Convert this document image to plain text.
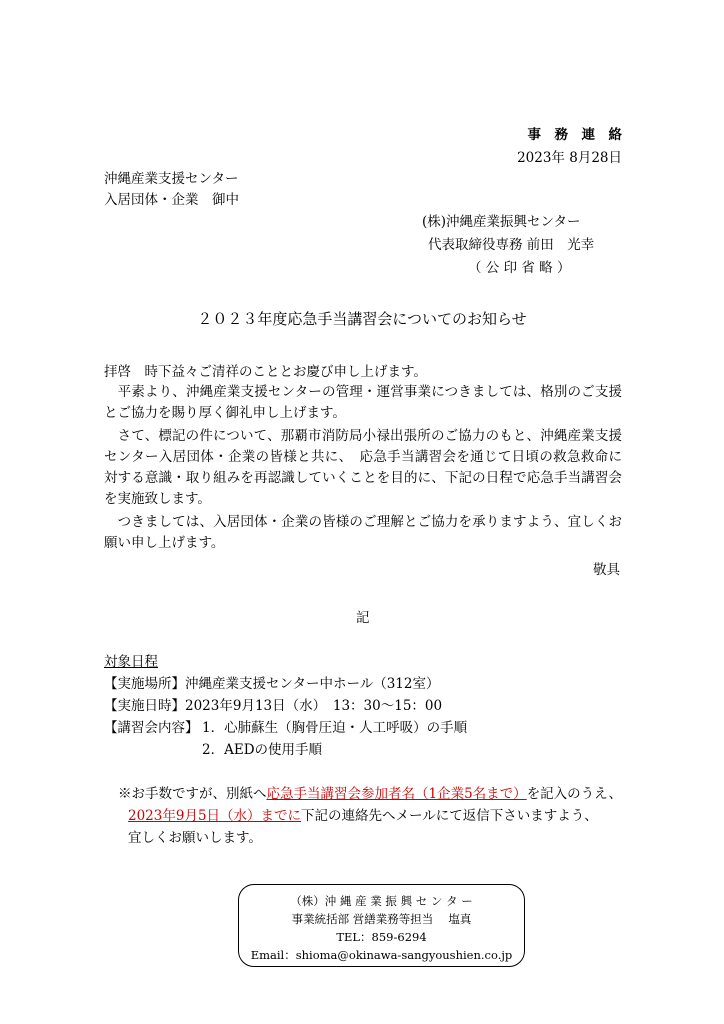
事　務　連　絡
2023年 8月28日
沖縄産業支援センター
入居団体・企業　御中
(株)沖縄産業振興センター
代表取締役専務 前田　光幸
（ 公 印 省 略 ）
２０２３年度応急手当講習会についてのお知らせ
拝啓　時下益々ご清祥のこととお慶び申し上げます。
平素より、沖縄産業支援センターの管理・運営事業につきましては、格別のご支援とご協力を賜り厚く御礼申し上げます。
さて、標記の件について、那覇市消防局小禄出張所のご協力のもと、沖縄産業支援センター入居団体・企業の皆様と共に、　応急手当講習会を通じて日頃の救急救命に対する意識・取り組みを再認識していくことを目的に、下記の日程で応急手当講習会を実施致します。
つきましては、入居団体・企業の皆様のご理解とご協力を承りますよう、宜しくお願い申し上げます。
敬具
記
対象日程
【実施場所】沖縄産業支援センター中ホール（312室）
【実施日時】2023年9月13日（水）　13：30～15：00
【講習会内容】 1．心肺蘇生（胸骨圧迫・人工呼吸）の手順
2．AEDの使用手順
※お手数ですが、別紙へ応急手当講習会参加者名（1企業5名まで）を記入のうえ、
2023年9月5日（水）までに下記の連絡先へメールにて返信下さいますよう、
宜しくお願いします。
（株）沖 縄 産 業 振 興 セ ン タ ー
事業統括部 営繕業務等担当　 塩真
TEL：859-6294
Email：shioma@okinawa-sangyoushien.co.jp
